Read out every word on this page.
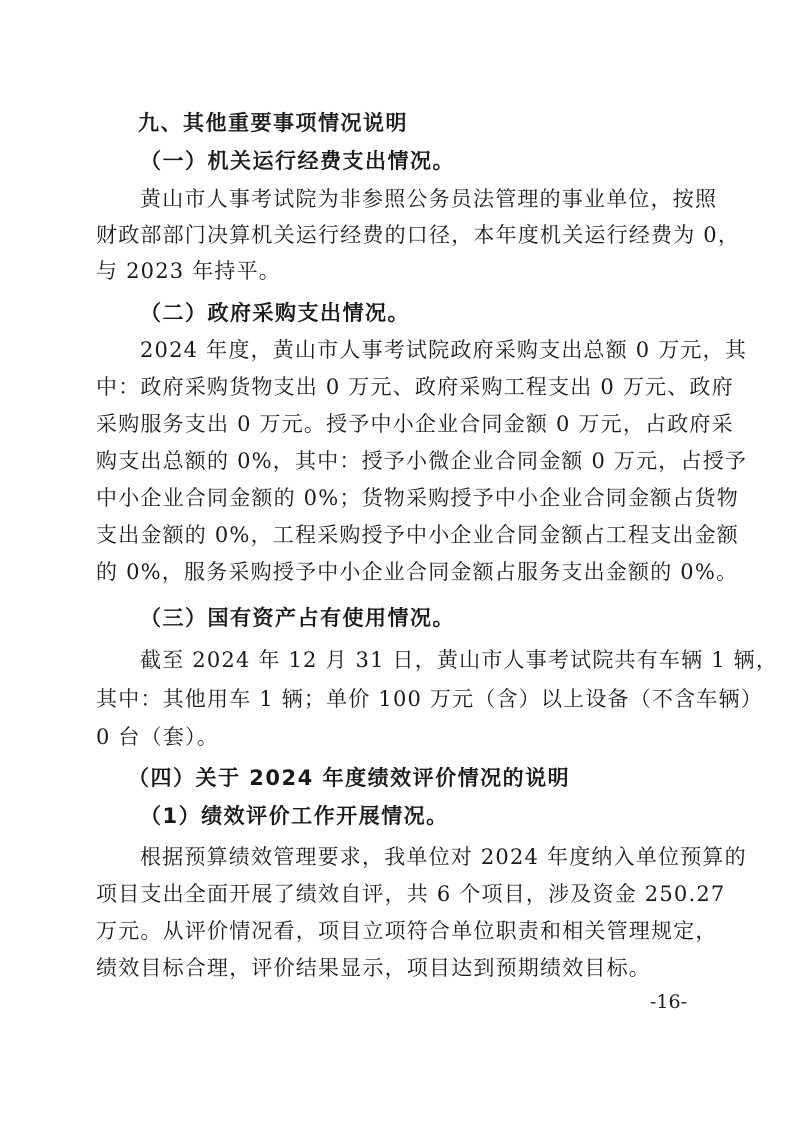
九、其他重要事项情况说明
（一）机关运行经费支出情况。
黄山市人事考试院为非参照公务员法管理的事业单位，按照
财政部部门决算机关运行经费的口径，本年度机关运行经费为 0，
与 2023 年持平。
（二）政府采购支出情况。
2024 年度，黄山市人事考试院政府采购支出总额 0 万元，其
中：政府采购货物支出 0 万元、政府采购工程支出 0 万元、政府
采购服务支出 0 万元。授予中小企业合同金额 0 万元，占政府采
购支出总额的 0%，其中：授予小微企业合同金额 0 万元，占授予
中小企业合同金额的 0%；货物采购授予中小企业合同金额占货物
支出金额的 0%，工程采购授予中小企业合同金额占工程支出金额
的 0%，服务采购授予中小企业合同金额占服务支出金额的 0%。
（三）国有资产占有使用情况。
截至 2024 年 12 月 31 日，黄山市人事考试院共有车辆 1 辆，
其中：其他用车 1 辆；单价 100 万元（含）以上设备（不含车辆）
0 台（套）。
（四）关于 2024 年度绩效评价情况的说明
（1）绩效评价工作开展情况。
根据预算绩效管理要求，我单位对 2024 年度纳入单位预算的
项目支出全面开展了绩效自评，共 6 个项目，涉及资金 250.27
万元。从评价情况看，项目立项符合单位职责和相关管理规定，
绩效目标合理，评价结果显示，项目达到预期绩效目标。
-16-
